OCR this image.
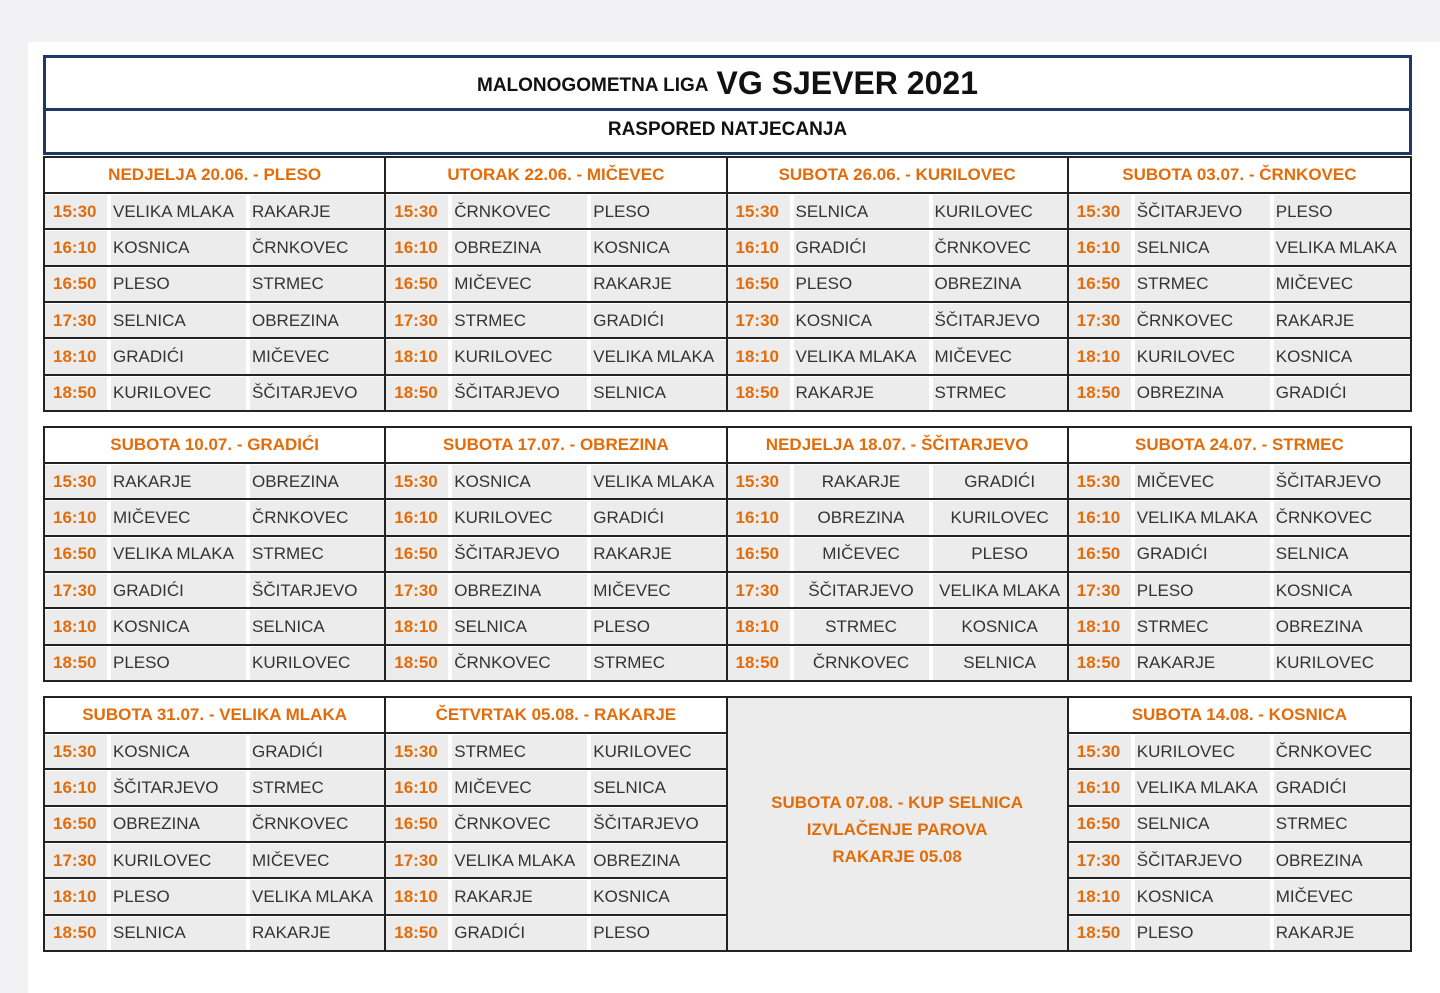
MALONOGOMETNA LIGA VG SJEVER 2021
RASPORED NATJECANJA
NEDJELJA 20.06. - PLESO
15:30 VELIKA MLAKA	RAKARJE
16:10 KOSNICA	ČRNKOVEC
16:50 PLESO	STRMEC
17:30 SELNICA	OBREZINA
18:10 GRADIĆI	MIČEVEC
18:50 KURILOVEC	ŠČITARJEVO
UTORAK 22.06. - MIČEVEC
15:30 ČRNKOVEC	PLESO
16:10 OBREZINA	KOSNICA
16:50 MIČEVEC	RAKARJE
17:30 STRMEC	GRADIĆI
18:10 KURILOVEC	VELIKA MLAKA
18:50 ŠČITARJEVO	SELNICA
SUBOTA 26.06. - KURILOVEC
15:30 SELNICA	KURILOVEC
16:10 GRADIĆI	ČRNKOVEC
16:50 PLESO	OBREZINA
17:30 KOSNICA	ŠČITARJEVO
18:10 VELIKA MLAKA	MIČEVEC
18:50 RAKARJE	STRMEC
SUBOTA 03.07. - ČRNKOVEC
15:30 ŠČITARJEVO	PLESO
16:10 SELNICA	VELIKA MLAKA
16:50 STRMEC	MIČEVEC
17:30 ČRNKOVEC	RAKARJE
18:10 KURILOVEC	KOSNICA
18:50 OBREZINA	GRADIĆI
SUBOTA 10.07. - GRADIĆI
15:30 RAKARJE	OBREZINA
16:10 MIČEVEC	ČRNKOVEC
16:50 VELIKA MLAKA	STRMEC
17:30 GRADIĆI	ŠČITARJEVO
18:10 KOSNICA	SELNICA
18:50 PLESO	KURILOVEC
SUBOTA 17.07. - OBREZINA
15:30 KOSNICA	VELIKA MLAKA
16:10 KURILOVEC	GRADIĆI
16:50 ŠČITARJEVO	RAKARJE
17:30 OBREZINA	MIČEVEC
18:10 SELNICA	PLESO
18:50 ČRNKOVEC	STRMEC
NEDJELJA 18.07. - ŠČITARJEVO
15:30	RAKARJE	GRADIĆI
16:10	OBREZINA	KURILOVEC
16:50	MIČEVEC	PLESO
17:30	ŠČITARJEVO	VELIKA MLAKA
18:10	STRMEC	KOSNICA
18:50	ČRNKOVEC	SELNICA
SUBOTA 24.07. - STRMEC
15:30 MIČEVEC	ŠČITARJEVO
16:10 VELIKA MLAKA	ČRNKOVEC
16:50 GRADIĆI	SELNICA
17:30 PLESO	KOSNICA
18:10 STRMEC	OBREZINA
18:50 RAKARJE	KURILOVEC
SUBOTA 31.07. - VELIKA MLAKA
15:30 KOSNICA	GRADIĆI
16:10 ŠČITARJEVO	STRMEC
16:50 OBREZINA	ČRNKOVEC
17:30 KURILOVEC	MIČEVEC
18:10 PLESO	VELIKA MLAKA
18:50 SELNICA	RAKARJE
ČETVRTAK 05.08. - RAKARJE
15:30 STRMEC	KURILOVEC
16:10 MIČEVEC	SELNICA
16:50 ČRNKOVEC	ŠČITARJEVO
17:30 VELIKA MLAKA	OBREZINA
18:10 RAKARJE	KOSNICA
18:50 GRADIĆI	PLESO
SUBOTA 07.08. - KUP SELNICA
IZVLAČENJE PAROVA
RAKARJE 05.08
SUBOTA 14.08. - KOSNICA
15:30 KURILOVEC	ČRNKOVEC
16:10 VELIKA MLAKA	GRADIĆI
16:50 SELNICA	STRMEC
17:30 ŠČITARJEVO	OBREZINA
18:10 KOSNICA	MIČEVEC
18:50 PLESO	RAKARJE
